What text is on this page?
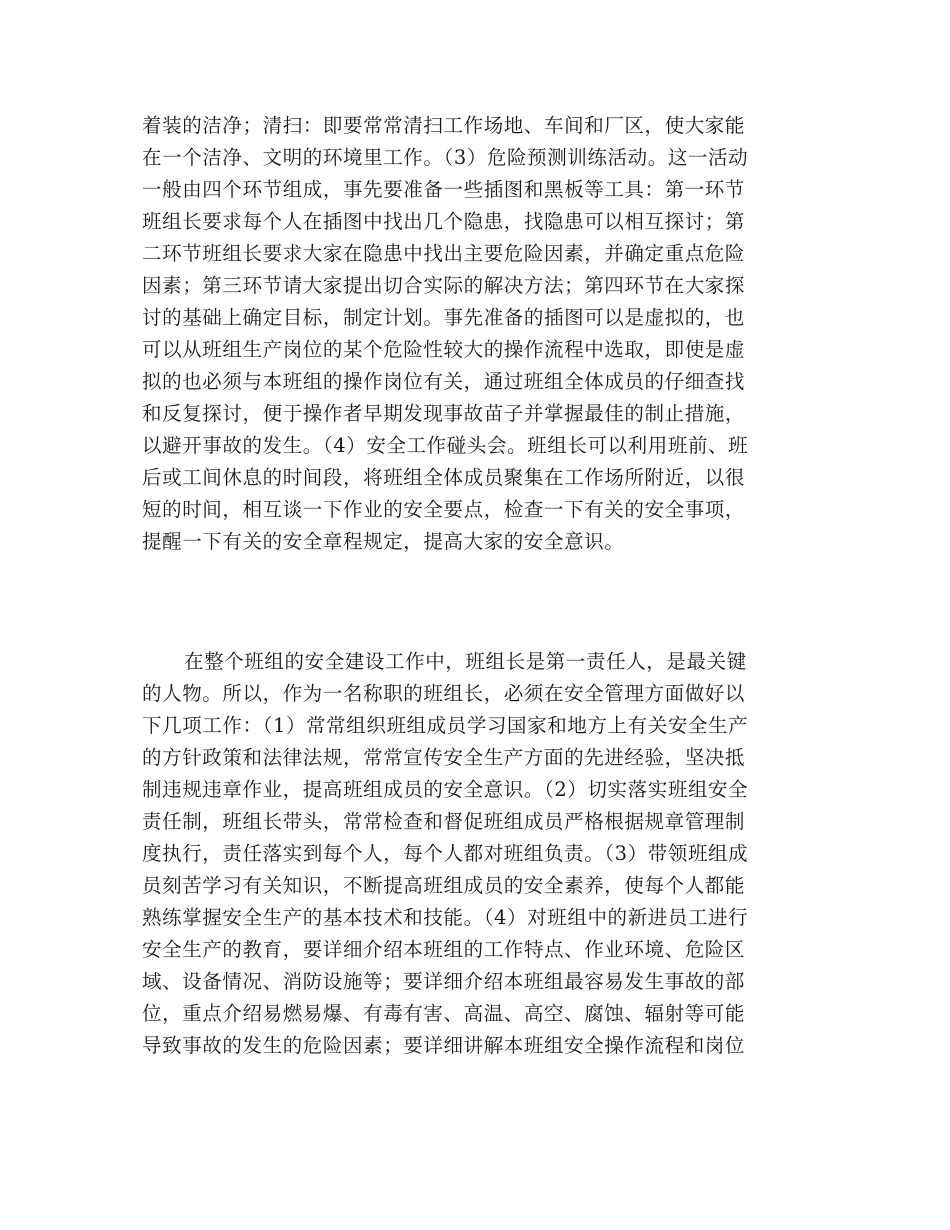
着装的洁净；清扫：即要常常清扫工作场地、车间和厂区，使大家能
在一个洁净、文明的环境里工作。（3）危险预测训练活动。这一活动
一般由四个环节组成，事先要准备一些插图和黑板等工具：第一环节
班组长要求每个人在插图中找出几个隐患，找隐患可以相互探讨；第
二环节班组长要求大家在隐患中找出主要危险因素，并确定重点危险
因素；第三环节请大家提出切合实际的解决方法；第四环节在大家探
讨的基础上确定目标，制定计划。事先准备的插图可以是虚拟的，也
可以从班组生产岗位的某个危险性较大的操作流程中选取，即使是虚
拟的也必须与本班组的操作岗位有关，通过班组全体成员的仔细查找
和反复探讨，便于操作者早期发现事故苗子并掌握最佳的制止措施，
以避开事故的发生。（4）安全工作碰头会。班组长可以利用班前、班
后或工间休息的时间段，将班组全体成员聚集在工作场所附近，以很
短的时间，相互谈一下作业的安全要点，检查一下有关的安全事项，
提醒一下有关的安全章程规定，提高大家的安全意识。

在整个班组的安全建设工作中，班组长是第一责任人，是最关键
的人物。所以，作为一名称职的班组长，必须在安全管理方面做好以
下几项工作：（1）常常组织班组成员学习国家和地方上有关安全生产
的方针政策和法律法规，常常宣传安全生产方面的先进经验，坚决抵
制违规违章作业，提高班组成员的安全意识。（2）切实落实班组安全
责任制，班组长带头，常常检查和督促班组成员严格根据规章管理制
度执行，责任落实到每个人，每个人都对班组负责。（3）带领班组成
员刻苦学习有关知识，不断提高班组成员的安全素养，使每个人都能
熟练掌握安全生产的基本技术和技能。（4）对班组中的新进员工进行
安全生产的教育，要详细介绍本班组的工作特点、作业环境、危险区
域、设备情况、消防设施等；要详细介绍本班组最容易发生事故的部
位，重点介绍易燃易爆、有毒有害、高温、高空、腐蚀、辐射等可能
导致事故的发生的危险因素；要详细讲解本班组安全操作流程和岗位
